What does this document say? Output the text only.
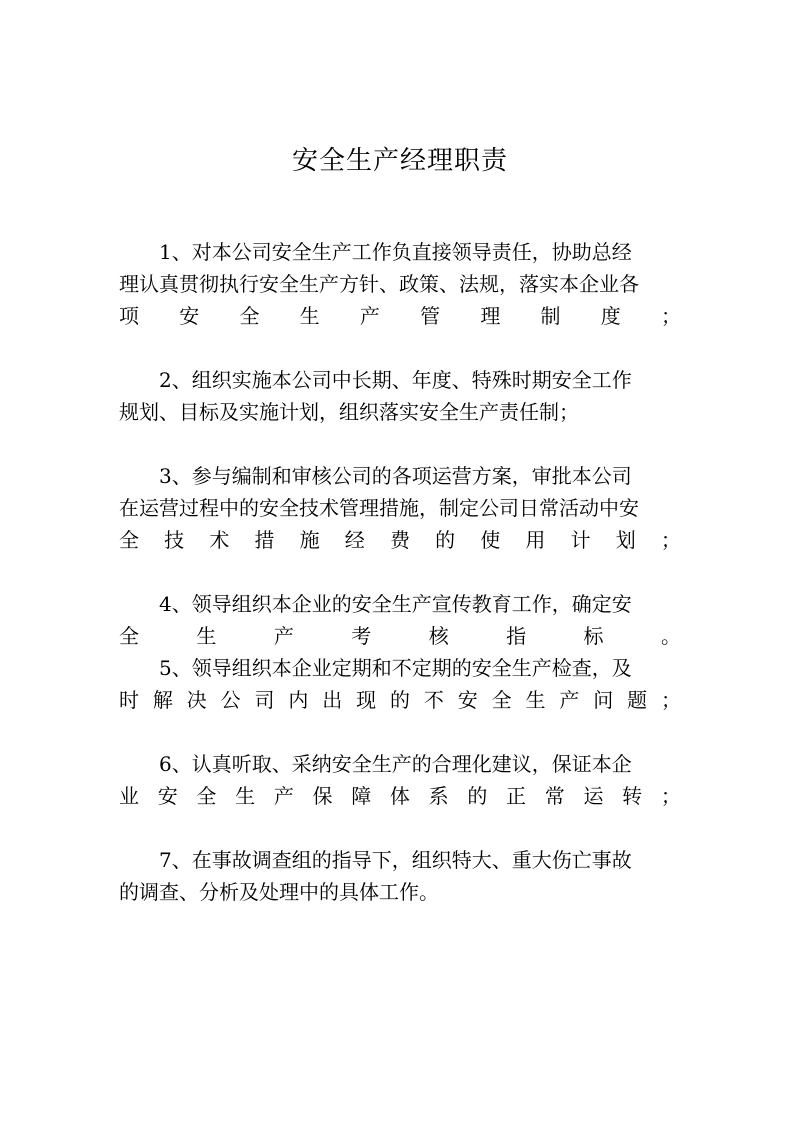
安全生产经理职责
1、对本公司安全生产工作负直接领导责任，协助总经
理认真贯彻执行安全生产方针、政策、法规，落实本企业各
项 安 全 生 产 管 理 制 度 ；
2、组织实施本公司中长期、年度、特殊时期安全工作
规划、目标及实施计划，组织落实安全生产责任制；
3、参与编制和审核公司的各项运营方案，审批本公司
在运营过程中的安全技术管理措施，制定公司日常活动中安
全 技 术 措 施 经 费 的 使 用 计 划 ；
4、领导组织本企业的安全生产宣传教育工作，确定安
全	生	产	考	核	指	标	。
5、领导组织本企业定期和不定期的安全生产检查，及
时 解 决 公 司 内 出 现 的 不 安 全 生 产 问 题 ；
6、认真听取、采纳安全生产的合理化建议，保证本企
业 安 全 生 产 保 障 体 系 的 正 常 运 转 ；
7、在事故调查组的指导下，组织特大、重大伤亡事故
的调查、分析及处理中的具体工作。
